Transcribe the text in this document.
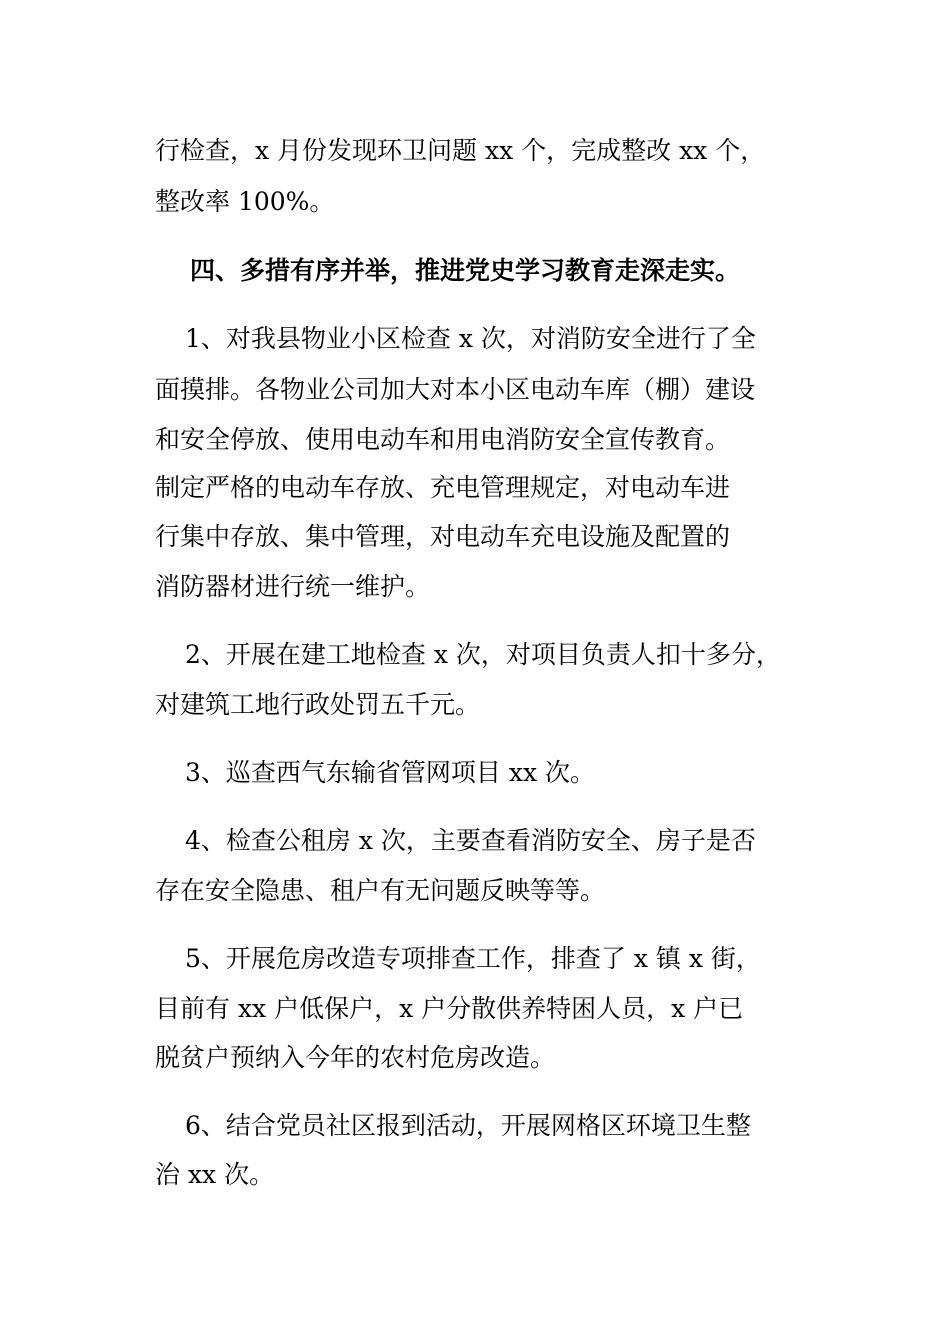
行检查，x 月份发现环卫问题 xx 个，完成整改 xx 个，
整改率 100%。
四、多措有序并举，推进党史学习教育走深走实。
1、对我县物业小区检查 x 次，对消防安全进行了全
面摸排。各物业公司加大对本小区电动车库（棚）建设
和安全停放、使用电动车和用电消防安全宣传教育。
制定严格的电动车存放、充电管理规定，对电动车进
行集中存放、集中管理，对电动车充电设施及配置的
消防器材进行统一维护。
2、开展在建工地检查 x 次，对项目负责人扣十多分，
对建筑工地行政处罚五千元。
3、巡查西气东输省管网项目 xx 次。
4、检查公租房 x 次，主要查看消防安全、房子是否
存在安全隐患、租户有无问题反映等等。
5、开展危房改造专项排查工作，排查了 x 镇 x 街，
目前有 xx 户低保户，x 户分散供养特困人员，x 户已
脱贫户预纳入今年的农村危房改造。
6、结合党员社区报到活动，开展网格区环境卫生整
治 xx 次。
